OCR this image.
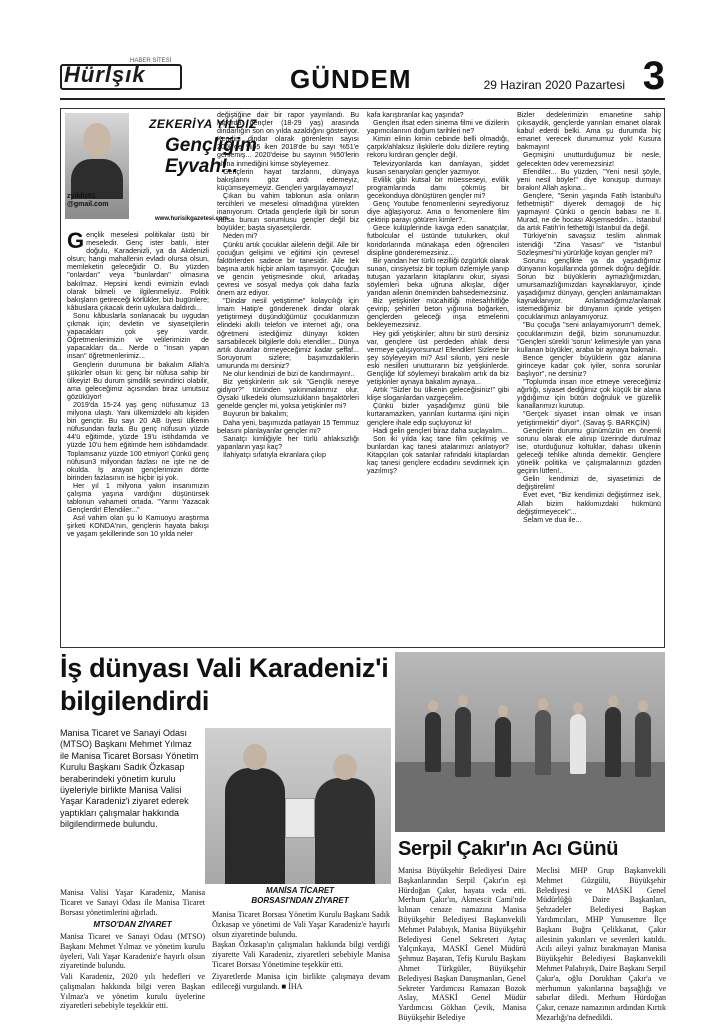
Hürlşık
HABER SİTESİ
GÜNDEM	29 Haziran 2020 Pazartesi 3
zyildiz61
@gmail.com
ZEKERİYA YILDIZ
Gençliğim
Eyvah!..
www.hurisikgazetesi.com

Gençlik meselesi politikalar üstü bir meseledir. Genç ister batılı, ister doğulu, Karadenizli, ya da Akdenizli olsun; hangi mahallenin evladı olursa olsun, memleketin geleceğidir O. Bu yüzden ''onlardan'' veya ''bunlardan'' olmasına bakılmaz. Hepsini kendi evimizin evladı olarak bilmeli ve ilgilenmeliyiz. Politik bakışların getireceği körlükler, bizi bugünlere; kâbuslara çıkacak derin uykulara daldırdı...

Sonu kâbuslarla sonlanacak bu uygudan çıkmak için; devletin ve siyasetçilerin yapacakları çok şey vardır. Öğretmenlerimizin ve velilerimizin de yapacakları da... Nerde o ''insan yapan insan'' öğretmenlerimiz...

Gençlerin durumuna bir bakalım Allah'a şükürler olsun ki: genç bir nüfusa sahip bir ülkeyiz! Bu durum şimdilik sevindirici olabilir, ama geleceğimiz açısından biraz umutsuz gözüküyor!

2019'da 15-24 yaş genç nüfusumuz 13 milyona ulaştı. Yani ülkemizdeki altı kişiden biri gençtir. Bu sayı 20 AB üyesi ülkenin nüfusundan fazla. Bu genç nüfusun yüzde 44'ü eğitimde, yüzde 19'u istihdamda ve yüzde 10'u hem eğitimde hem istihdamdadır. Toplamsanız yüzde 100 etmiyor! Çünkü genç nüfusun3 milyondan fazlası ne işte ne de okulda. İş arayan gençlerimizin dörtte birinden fazlasının ise hiçbir işi yok.

Her yıl 1 milyona yakın insanımızın çalışma yaşına vardığını düşünürsek tablonun vahameti ortada. "Yarını Yazacak Gençlerdir! Efendiler..."

Asıl vahim olan şu ki Kamuoyu araştırma şirketi KONDA'nın, gençlerin hayata bakışı ve yaşam şekillerinde son 10 yılda neler

değiştiğine dair bir rapor yayınlandı. Bu raporda gençler (18-29 yaş) arasında dindarlığın son on yılda azaldığını gösteriyor. Kendini dindar olarak görenlerin sayısı 2008'de %55 iken 2018'de bu sayı %51'e gerilemiş... 2020'deise bu sayının %50'lerin altına inmediğini kimse söyleyemez.

Gençlerin hayat tarzlarını, dünyaya bakışlarını göz ardı edemeyiz, küçümseyemeyiz. Gençleri yargılayamayız!

Çıkan bu vahim tablonun asla onların tercihleri ve meselesi olmadığına yürekten inanıyorum. Ortada gençlerle ilgili bir sorun varsa bunun sorumlusu gençler değil biz büyükler; başta siyasetçilerdir.

Neden mi?

Çünkü artık çocuklar ailelerin değil. Aile bir çocuğun gelişimi ve eğitimi için çevresel faktörlerden sadece bir tanesidir. Aile tek başına artık hiçbir anlam taşımıyor. Çocuğun ve gencin yetişmesinde okul, arkadaş çevresi ve sosyal medya çok daha fazla önem arz ediyor.

"Dindar nesil yetiştirme" kolaycılığı için İmam Hatip'e gönderenek dindar olarak yetiştirmeyi düşündüğümüz çocuklarımızın elindeki akıllı telefon ve internet ağı, ona öğretmeni istediğimiz dünyayı kökten sarsabilecek bilgilerle dolu etendiler... Dünya artık duvarlar örmeyeceğimiz kadar şeffaf... Soruyorum sizlere; başımızdakilerin umurunda mı dersiniz?

Ne olur kendinizi de bizi de kandırmayın!..

Biz yetişkinlerin sık sık "Gençlik nereye gidiyor?" türünden yakınmalarımız olur. Oysaki ülkedeki olumsuzlukların başaktörleri genelde gençler mi, yoksa yetişkinler mi?

Buyurun bir bakalım;

Daha yeni, başımızda patlayan 15 Temmuz belasını planlayanlar gençler mi?

Sanatçı kimliğiyle her türlü ahlaksızlığı yapanların yaşı kaç?

İlahiyatçı sıfatıyla ekranlara çıkıp

kafa karıştıranlar kaç yaşında?

Gençleri ifsat eden sinema filmi ve dizilerin yapımcılarının doğum tarihleri ne?

Kimin elinin kimin cebinde belli olmadığı, çarpık/ahlaksız ilişkilerle dolu dizilere reyting rekoru kırdıran gençler değil.

Televizyonlarda kan damlayan, şiddet kusan senaryoları gençler yazmıyor.

Evlilik gibi kutsal bir müesseseyi, evlilik programlarında damı çökmüş bir gecekonduya dönüştüren gençler mi?

Genç Youtube fenomenlerini seyrediyoruz diye ağlaşıyoruz. Ama o fenomenlere film çektirip parayı götüren kimler?..

Gece kulüplerinde kavga eden sanatçılar, futbolcular el üstünde tutulurken, okul koridorlarında münakaşa eden öğrencileri disipline gönderemezsiniz...

Bir yandan her türlü rezilliği özgürlük olarak sunan, cinsiyetsiz bir toplum özlemiyle yanıp tutuşan yazarların kitaplarını okur, siyasi söylemleri beka uğruna alkışlar, diğer yandan ailenin öneminden bahsedemezsiniz.

Biz yetişkinler mücahitliği mitesahhitliğe çevirip; şehirleri beton yığınına boğarken, gençlerden geleceği inşa etmelerini bekleyemezsiniz.

Hey gidi yetişkinler; altını bir sürü dersiniz var, gençlere üst perdeden ahlak dersi vermeye çalışıyorsunuz! Efendiler! Sizlere bir şey söyleyeyim mi? Asıl sıkıntı, yeni nesle eski nesilleri unuttuırarın biz yetişkinlerde. Gençliğe lüf söylemeyi bırakalım artık da biz yetişkinler aynaya bakalım aynaya...

Artık "Sizler bu ülkenin geleceğisiniz!" gibi klişe sloganlardan vazgeçelim.

Çünkü bizler yaşadığımız günü bile kurtaramazken, yarınları kurtarma işini niçin gençlere ihale edip suçluyoruz ki!

Hadi gelin gençleri biraz daha suçlayalım...

Son iki yılda kaç tane film çekilmiş ve bunlardan kaç tanesi atalarımızı anlatıyor? Kitapçıları çok satanlar rafındaki kitaplardan kaç tanesi gençlere ecdadını sevdirmek için yazılmış?

Bizler dedelerimizin emanetine sahip çıkısaydık, gençlerde yarınları emanet olarak kabul ederdi belki. Ama şu durumda hiç emanet verecek durumumuz yok! Kusura bakmayın!

Geçmişini unutturduğumuz bir nesle, gelecekten ödev veremezsiniz!

Efendiler... Bu yüzden, "Yeni nesil şöyle, yeni nesil böyle!" diye konuşup durmayı bırakın! Allah aşkına...

Gençlere, "Senin yaşında Fatih İstanbul'u fethetmişti!" diyerek demagoji de hiç yapmayın! Çünkü o gencin babası ne II. Murad, ne de hocası Akşemseddin... İstanbul da artık Fatih'in fethettiği İstanbul da değil.

Türkiye'nin savaşsız teslim alınmak istendiği "Zina Yasası" ve "İstanbul Sözleşmesi"ni yürürlüğe koyan gençler mi?

Sorunu gençlikte ya da yaşadığımız dünyanın koşullarında görmek doğru değildir. Sorun biz büyüklerin aymazlığımızdan, umursamazlığımızdan kaynaklanıyor, içinde yaşadığımız dünyayı, gençleri anlamamaktan kaynaklanıyor. Anlamadığımız/anlamak istemediğimiz bir dünyanın içinde yetişen çocuklarımızı anlayamıyoruz.

"Bu çocuğa "seni anlayamıyorum"! demek, çocuklarımızın değil, bizim sorunumuzdur. "Gençleri sürekli 'sorun' kelimesiyle yan yana kullanan büyükler, araba bir aynaya bakmalı.

Bence gençler büyüklerin göz alanına girinceye kadar çok iyiler, sonra sorunlar başlıyor", ne dersiniz?

"Toplumda insan ince etmeye vereceğimiz ağırlığı, siyaset dediğimiz çok küçük bir alana yığdığımız için bütün doğruluk ve güzellik kanallarımızı kurutup.

"Gerçek siyaset insan olmak ve insan yetiştirmektir" diyor". (Savaş Ş. BARKÇİN)

Gençlerin durumu günümüzün en önemli sorunu olarak ele alınıp üzerinde durulmaz ise, oturduğunuz koltuklar, dahası ülkenin geleceği tehlike altında demektir. Gençlere yönelik politika ve çalışmalarınızı gözden geçirin lütfen!..

Gelin kendimizi de, siyasetimizi de değiştirelim!

Evet evet, "Biz kendimizi değiştirmez isek, Allah bizim hakkımızdaki hükmünü değiştirmeyecek"...

Selam ve dua ile...

İş dünyası Vali Karadeniz'i bilgilendirdi
Manisa Ticaret ve Sanayi Odası (MTSO) Başkanı Mehmet Yılmaz ile Manisa Ticaret Borsası Yönetim Kurulu Başkanı Sadık Özkasap beraberindeki yönetim kurulu üyeleriyle birlikte Manisa Valisi Yaşar Karadeniz'i ziyaret ederek yaptıkları çalışmalar hakkında bilgilendirmede bulundu.
Manisa Valisi Yaşar Karadeniz, Manisa Ticaret ve Sanayi Odası ile Manisa Ticaret Borsası yönetimlerini ağırladı.
MTSO'DAN ZİYARET
Manisa Ticaret ve Sanayi Odası (MTSO) Başkanı Mehmet Yılmaz ve yönetim kurulu üyeleri, Vali Yaşar Karadeniz'e hayırlı olsun ziyaretinde bulundu.
Vali Karadeniz, 2020 yılı hedefleri ve çalışmaları hakkında bilgi veren Başkan Yılmaz'a ve yönetim kurulu üyelerine ziyaretleri sebebiyle teşekkür etti.
MANİSA TİCARET
BORSASI'NDAN ZİYARET
Manisa Ticaret Borsası Yönetim Kurulu Başkanı Sadık Özkasap ve yönetimi de Vali Yaşar Karadeniz'e hayırlı olsun ziyaretinde bulundu.
Başkan Özkasap'ın çalışmaları hakkında bilgi verdiği ziyarette Vali Karadeniz, ziyaretleri sebebiyle Manisa Ticaret Borsası Yönetimine teşekkür etti.
Ziyaretlerde Manisa için birlikte çalışmaya devam edileceği vurgulandı. ■ İHA
Serpil Çakır'ın Acı Günü
Manisa Büyükşehir Belediyesi Daire Başkanlarından Serpil Çakır'ın eşi Hürdoğan Çakır, hayata veda etti. Merhum Çakır'ın, Akmescit Cami'nde kılınan cenaze namazına Manisa Büyükşehir Belediyesi Başkanvekili Mehmet Palabıyık, Manisa Büyükşehir Belediyesi Genel Sekreteri Aytaç Yalçınkaya, MASKİ Genel Müdürü Şehmuz Başaran, Tefiş Kurulu Başkanı Ahmet Türkgüler, Büyükşehir Belediyesi Başkan Danışmanları, Genel Sekreter Yardımcısı Ramazan Bozok Aslay, MASKİ Genel Müdür Yardımcısı Gökhan Çevik, Manisa Büyükşehir Belediye
Meclisi MHP Grup Başkanvekili Mehmet Güzgülü, Büyükşehir Belediyesi ve MASKİ Genel Müdürlüğü Daire Başkanları, Şehzadeler Belediyesi Başkan Yardımcıları, MHP Yunusemre İlçe Başkanı Buğra Çelikkanat, Çakır ailesinin yakınları ve sevenleri katıldı. Acılı aileyi yalnız bırakmayan Manisa Büyükşehir Belediyesi Başkanvekili Mehmet Palabıyık, Daire Başkanı Serpil Çakır'a, oğlu Dorukhan Çakır'a ve merhumun yakınlarına başsağlığı ve sabırlar diledi. Merhum Hürdoğan Çakır, cenaze namazının ardından Kırtık Mezarlığı'na defnedildi.
